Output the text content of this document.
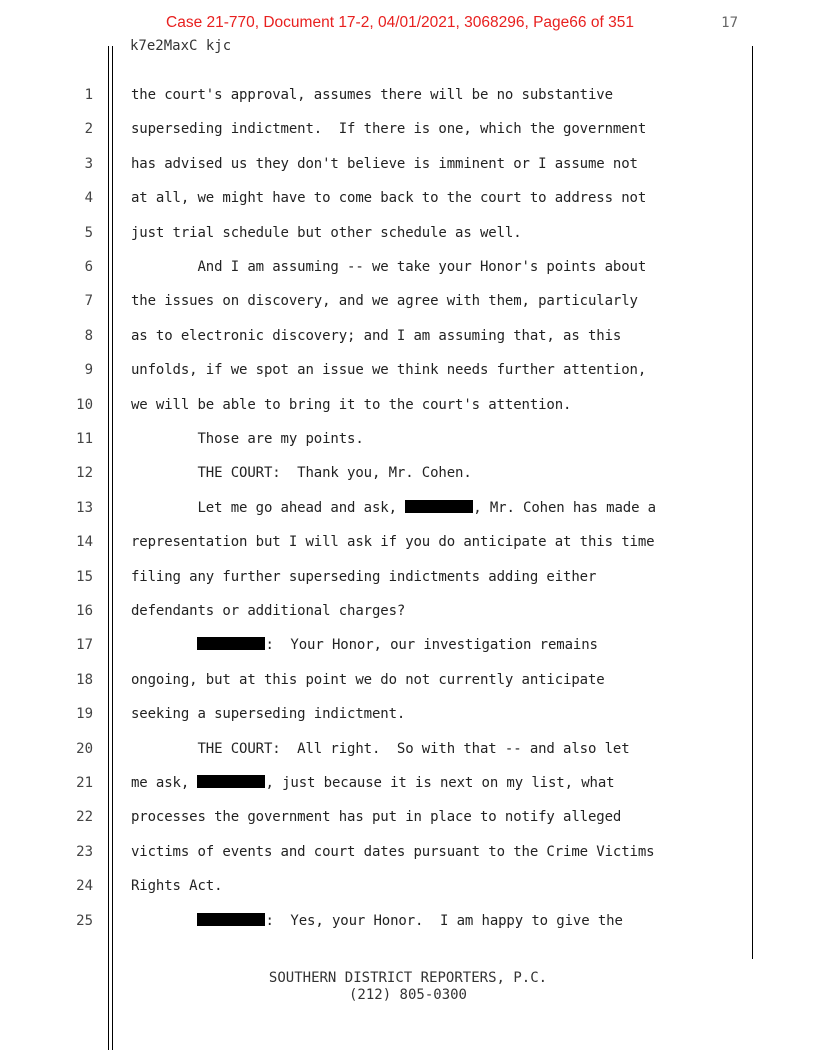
Case 21-770, Document 17-2, 04/01/2021, 3068296, Page66 of 351	17
k7e2MaxC kjc
1	the court's approval, assumes there will be no substantive
2	superseding indictment.  If there is one, which the government
3	has advised us they don't believe is imminent or I assume not
4	at all, we might have to come back to the court to address not
5	just trial schedule but other schedule as well.
6	And I am assuming -- we take your Honor's points about
7	the issues on discovery, and we agree with them, particularly
8	as to electronic discovery; and I am assuming that, as this
9	unfolds, if we spot an issue we think needs further attention,
10	we will be able to bring it to the court's attention.
11	Those are my points.
12	THE COURT:  Thank you, Mr. Cohen.
13	Let me go ahead and ask,	, Mr. Cohen has made a
14	representation but I will ask if you do anticipate at this time
15	filing any further superseding indictments adding either
16	defendants or additional charges?
17	:  Your Honor, our investigation remains
18	ongoing, but at this point we do not currently anticipate
19	seeking a superseding indictment.
20	THE COURT:  All right.  So with that -- and also let
21	me ask,	, just because it is next on my list, what
22	processes the government has put in place to notify alleged
23	victims of events and court dates pursuant to the Crime Victims
24	Rights Act.
25	:  Yes, your Honor.  I am happy to give the
SOUTHERN DISTRICT REPORTERS, P.C.
(212) 805-0300
